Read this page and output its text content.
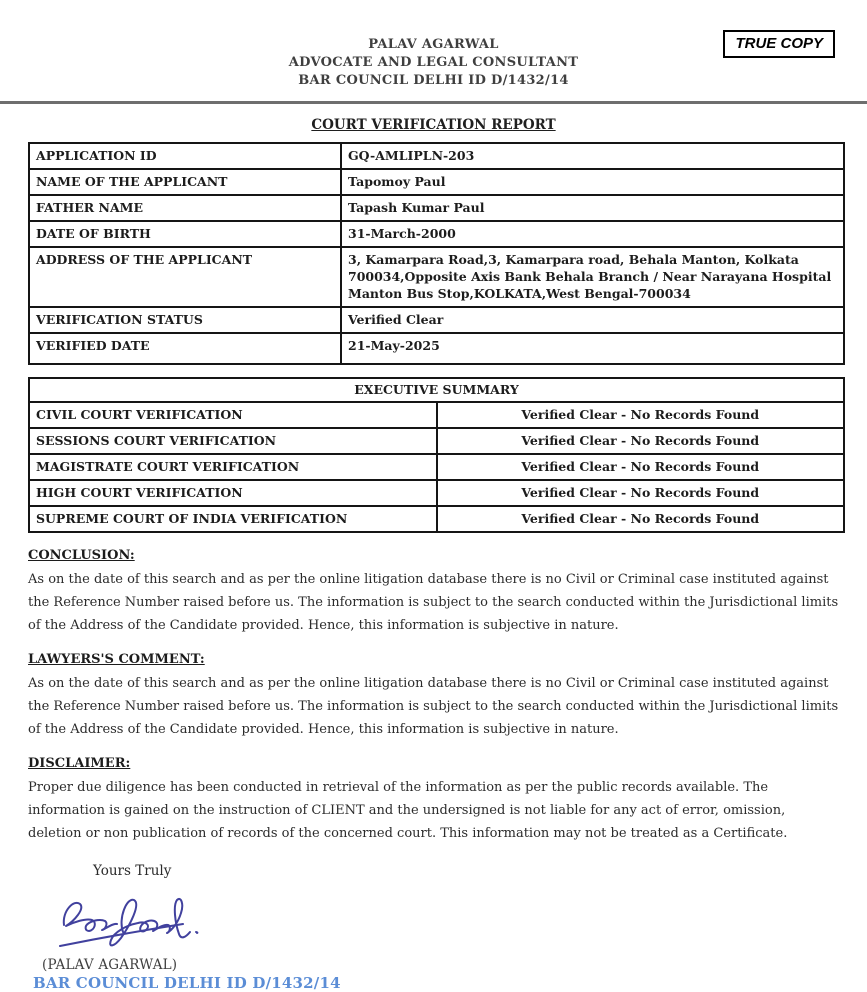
PALAV AGARWAL
ADVOCATE AND LEGAL CONSULTANT
BAR COUNCIL DELHI ID D/1432/14
TRUE COPY
COURT VERIFICATION REPORT
APPLICATION ID	GQ-AMLIPLN-203
NAME OF THE APPLICANT	Tapomoy Paul
FATHER NAME	Tapash Kumar Paul
DATE OF BIRTH	31-March-2000
ADDRESS OF THE APPLICANT	3, Kamarpara Road,3, Kamarpara road, Behala Manton, Kolkata 700034,Opposite Axis Bank Behala Branch / Near Narayana Hospital Manton Bus Stop,KOLKATA,West Bengal-700034
VERIFICATION STATUS	Verified Clear
VERIFIED DATE	21-May-2025
EXECUTIVE SUMMARY	
CIVIL COURT VERIFICATION	Verified Clear - No Records Found
SESSIONS COURT VERIFICATION	Verified Clear - No Records Found
MAGISTRATE COURT VERIFICATION	Verified Clear - No Records Found
HIGH COURT VERIFICATION	Verified Clear - No Records Found
SUPREME COURT OF INDIA VERIFICATION	Verified Clear - No Records Found
CONCLUSION:
As on the date of this search and as per the online litigation database there is no Civil or Criminal case instituted against the Reference Number raised before us. The information is subject to the search conducted within the Jurisdictional limits of the Address of the Candidate provided. Hence, this information is subjective in nature.
LAWYERS'S COMMENT:
As on the date of this search and as per the online litigation database there is no Civil or Criminal case instituted against the Reference Number raised before us. The information is subject to the search conducted within the Jurisdictional limits of the Address of the Candidate provided. Hence, this information is subjective in nature.
DISCLAIMER:
Proper due diligence has been conducted in retrieval of the information as per the public records available. The information is gained on the instruction of CLIENT and the undersigned is not liable for any act of error, omission, deletion or non publication of records of the concerned court. This information may not be treated as a Certificate.
Yours Truly
(PALAV AGARWAL)
BAR COUNCIL DELHI ID D/1432/14
